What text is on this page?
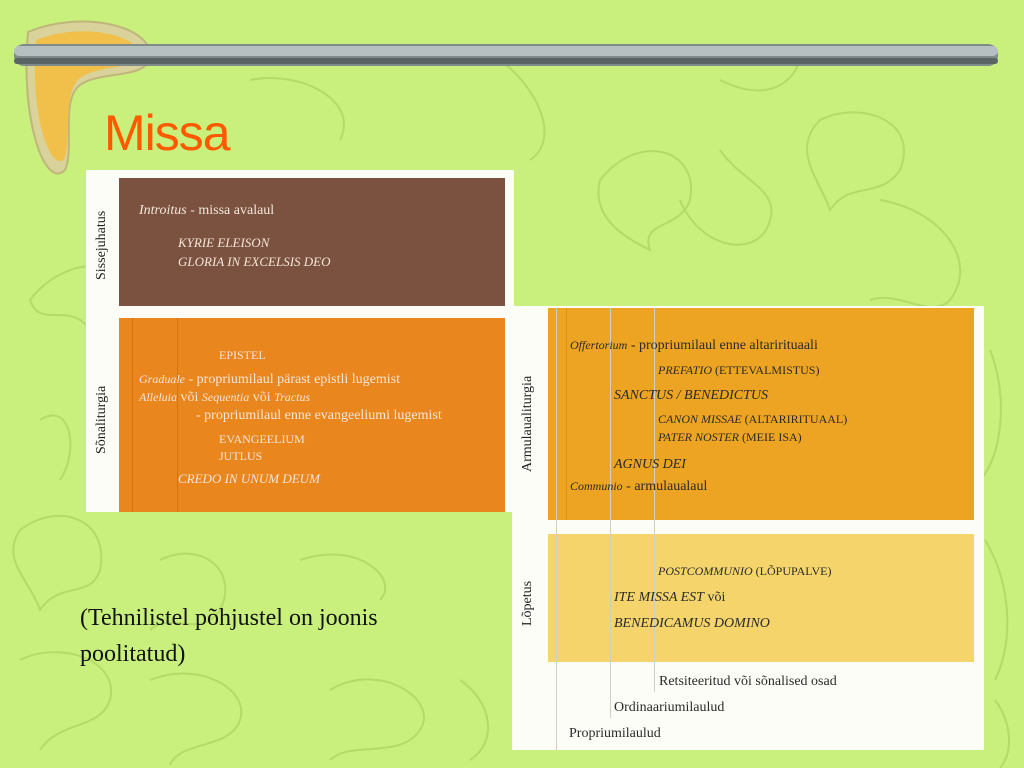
Missa
Sissejuhatus
Sõnaliturgia
Introitus - missa avalaul
KYRIE ELEISON
GLORIA IN EXCELSIS DEO
EPISTEL
Graduale - propriumilaul pärast epistli lugemist
Alleluia või Sequentia või Tractus
- propriumilaul enne evangeeliumi lugemist
EVANGEELIUM
JUTLUS
CREDO IN UNUM DEUM
Armulaualiturgia
Lõpetus
Offertorium - propriumilaul enne altarirituaali
PREFATIO (ETTEVALMISTUS)
SANCTUS / BENEDICTUS
CANON MISSAE (ALTARIRITUAAL)
PATER NOSTER (MEIE ISA)
AGNUS DEI
Communio - armulaualaul
POSTCOMMUNIO (LÕPUPALVE)
ITE MISSA EST või
BENEDICAMUS DOMINO
Retsiteeritud või sõnalised osad
Ordinaariumilaulud
Propriumilaulud
(Tehnilistel põhjustel on joonis
poolitatud)
